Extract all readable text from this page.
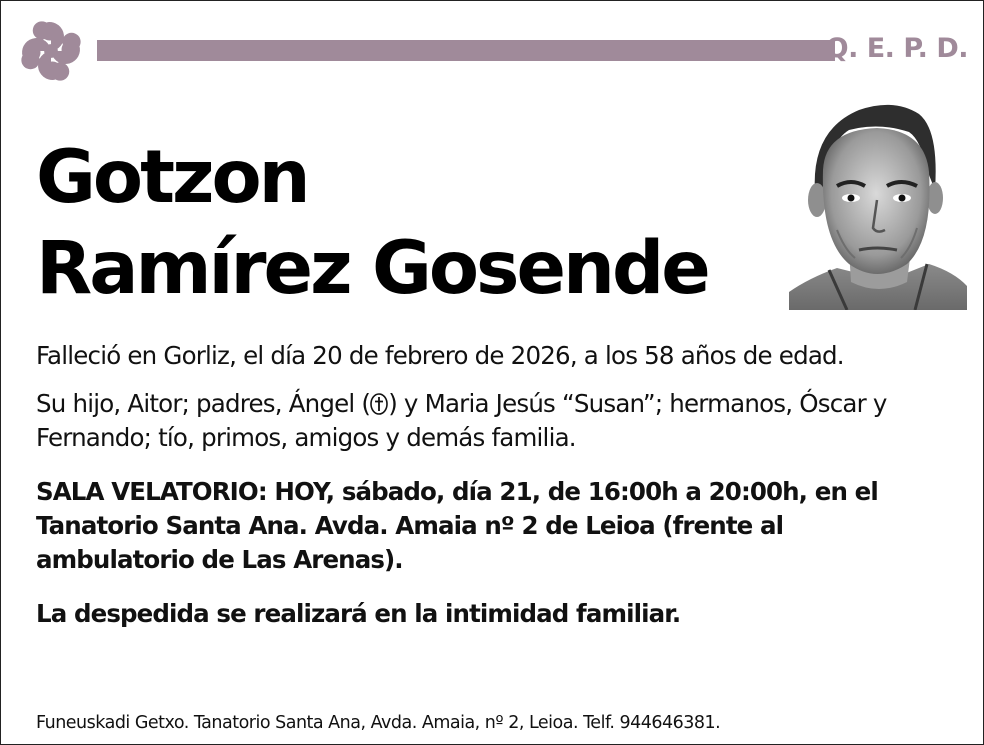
Q. E. P. D.
Gotzon
Ramírez Gosende
Falleció en Gorliz, el día 20 de febrero de 2026, a los 58 años de edad.
Su hijo, Aitor; padres, Ángel ( ) y Maria Jesús “Susan”; hermanos, Óscar y Fernando; tío, primos, amigos y demás familia.
SALA VELATORIO: HOY, sábado, día 21, de 16:00h a 20:00h, en el Tanatorio Santa Ana. Avda. Amaia nº 2 de Leioa (frente al ambulatorio de Las Arenas).
La despedida se realizará en la intimidad familiar.
Funeuskadi Getxo. Tanatorio Santa Ana, Avda. Amaia, nº 2, Leioa. Telf. 944646381.
